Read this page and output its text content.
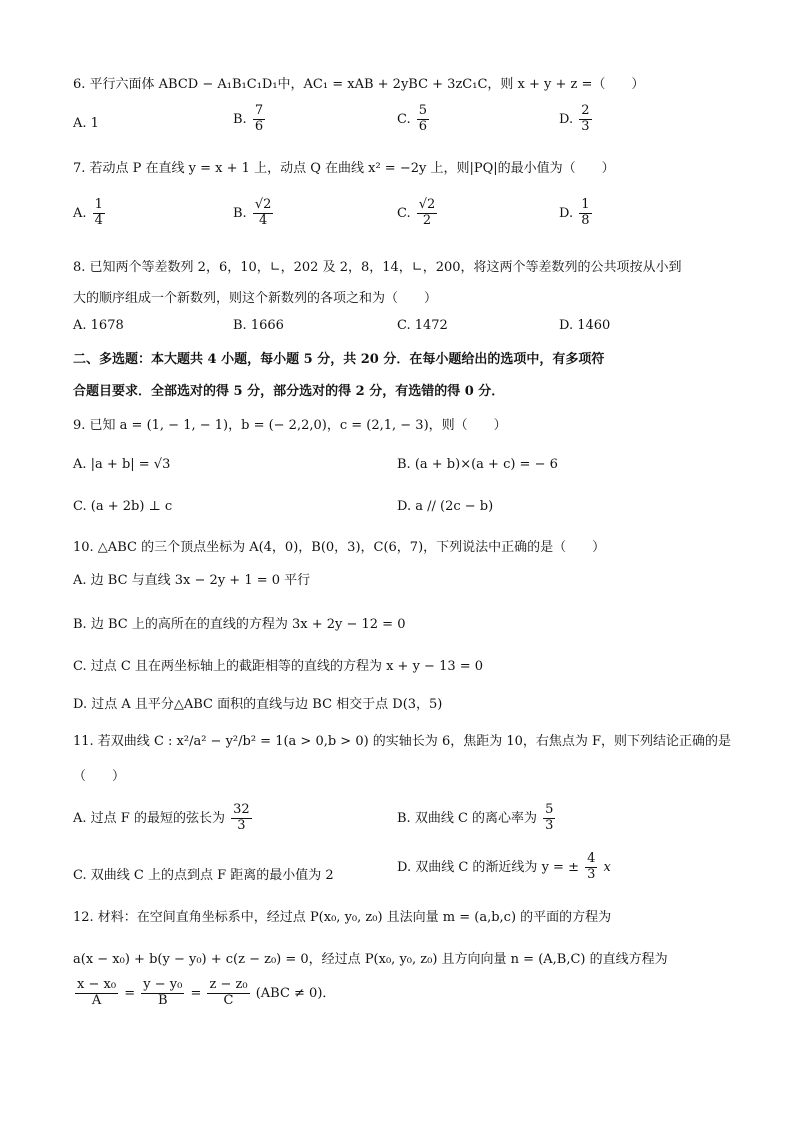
6. 平行六面体 ABCD − A₁B₁C₁D₁中，AC₁ = xAB + 2yBC + 3zC₁C，则 x + y + z =（　　）
A. 1	B. $\frac{7}{6}$	C. $\frac{5}{6}$	D. $\frac{2}{3}$
7. 若动点 P 在直线 y = x + 1 上，动点 Q 在曲线 x² = −2y 上，则|PQ|的最小值为（　　）
A. $\frac{1}{4}$	B. $\frac{√2}{4}$	C. $\frac{√2}{2}$	D. $\frac{1}{8}$
8. 已知两个等差数列 2，6，10，∟，202 及 2，8，14，∟，200，将这两个等差数列的公共项按从小到
大的顺序组成一个新数列，则这个新数列的各项之和为（　　）
A. 1678	B. 1666	C. 1472	D. 1460
二、多选题：本大题共 4 小题，每小题 5 分，共 20 分．在每小题给出的选项中，有多项符
合题目要求．全部选对的得 5 分，部分选对的得 2 分，有选错的得 0 分．
9. 已知 a = (1, − 1, − 1)，b = (− 2,2,0)，c = (2,1, − 3)，则（　　）
A. |a + b| = √3	B. (a + b)×(a + c) = − 6
C. (a + 2b) ⊥ c	D. a // (2c − b)
10. △ABC 的三个顶点坐标为 A(4，0)，B(0，3)，C(6，7)，下列说法中正确的是（　　）
A. 边 BC 与直线 3x − 2y + 1 = 0 平行
B. 边 BC 上的高所在的直线的方程为 3x + 2y − 12 = 0
C. 过点 C 且在两坐标轴上的截距相等的直线的方程为 x + y − 13 = 0
D. 过点 A 且平分△ABC 面积的直线与边 BC 相交于点 D(3，5)
11. 若双曲线 C : x²/a² − y²/b² = 1(a > 0,b > 0) 的实轴长为 6，焦距为 10，右焦点为 F，则下列结论正确的是
（　　）
A. 过点 F 的最短的弦长为 $\frac{32}{3}$	B. 双曲线 C 的离心率为 $\frac{5}{3}$
C. 双曲线 C 上的点到点 F 距离的最小值为 2
D. 双曲线 C 的渐近线为 y = ± $\frac{4}{3}$ x
12. 材料：在空间直角坐标系中，经过点 P(x₀, y₀, z₀) 且法向量 m = (a,b,c) 的平面的方程为
a(x − x₀) + b(y − y₀) + c(z − z₀) = 0，经过点 P(x₀, y₀, z₀) 且方向向量 n = (A,B,C) 的直线方程为
$\frac{\text{x − x₀}}{A} = \frac{\text{y − y₀}}{B} = \frac{\text{z − z₀}}{C} (ABC \ne 0)$．
